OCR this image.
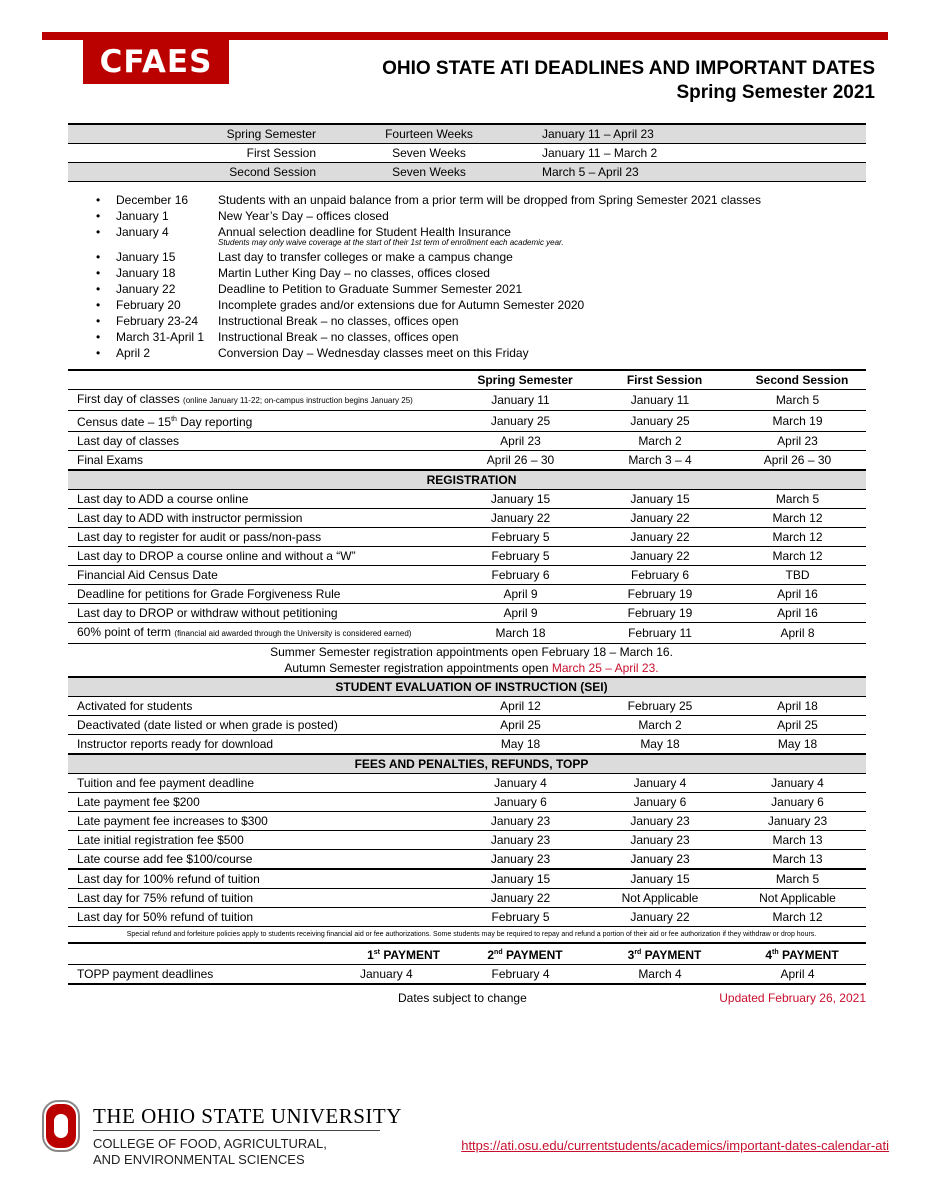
CFAES	OHIO STATE ATI DEADLINES AND IMPORTANT DATES
Spring Semester 2021
Spring Semester	Fourteen Weeks	January 11 – April 23
First Session	Seven Weeks	January 11 – March 2
Second Session	Seven Weeks	March 5 – April 23
• December 16 Students with an unpaid balance from a prior term will be dropped from Spring Semester 2021 classes
• January 1	New Year’s Day – offices closed
• January 4	Annual selection deadline for Student Health Insurance
Students may only waive coverage at the start of their 1st term of enrollment each academic year.
• January 15	Last day to transfer colleges or make a campus change
• January 18	Martin Luther King Day – no classes, offices closed
• January 22	Deadline to Petition to Graduate Summer Semester 2021
• February 20	Incomplete grades and/or extensions due for Autumn Semester 2020
• February 23-24 Instructional Break – no classes, offices open
• March 31-April 1 Instructional Break – no classes, offices open
• April 2	Conversion Day – Wednesday classes meet on this Friday
	Spring Semester	First Session	Second Session
First day of classes (online January 11-22; on-campus instruction begins January 25)	January 11	January 11	March 5
Census date – 15th Day reporting	January 25	January 25	March 19
Last day of classes	April 23	March 2	April 23
Final Exams	April 26 – 30	March 3 – 4	April 26 – 30
REGISTRATION			
Last day to ADD a course online	January 15	January 15	March 5
Last day to ADD with instructor permission	January 22	January 22	March 12
Last day to register for audit or pass/non-pass	February 5	January 22	March 12
Last day to DROP a course online and without a “W”	February 5	January 22	March 12
Financial Aid Census Date	February 6	February 6	TBD
Deadline for petitions for Grade Forgiveness Rule	April 9	February 19	April 16
Last day to DROP or withdraw without petitioning	April 9	February 19	April 16
60% point of term (financial aid awarded through the University is considered earned)	March 18	February 11	April 8
Summer Semester registration appointments open February 18 – March 16.			
Autumn Semester registration appointments open March 25 – April 23.			
STUDENT EVALUATION OF INSTRUCTION (SEI)			
Activated for students	April 12	February 25	April 18
Deactivated (date listed or when grade is posted)	April 25	March 2	April 25
Instructor reports ready for download	May 18	May 18	May 18
FEES AND PENALTIES, REFUNDS, TOPP			
Tuition and fee payment deadline	January 4	January 4	January 4
Late payment fee $200	January 6	January 6	January 6
Late payment fee increases to $300	January 23	January 23	January 23
Late initial registration fee $500	January 23	January 23	March 13
Late course add fee $100/course	January 23	January 23	March 13
Last day for 100% refund of tuition	January 15	January 15	March 5
Last day for 75% refund of tuition	January 22	Not Applicable	Not Applicable
Last day for 50% refund of tuition	February 5	January 22	March 12
Special refund and forfeiture policies apply to students receiving financial aid or fee authorizations. Some students may be required to repay and refund a portion of their aid or fee authorization if they withdraw or drop hours.			
1st PAYMENT	2nd PAYMENT	3rd PAYMENT	4th PAYMENT
TOPP payment deadlines January 4	February 4	March 4	April 4
Dates subject to change	Updated February 26, 2021
THE OHIO STATE UNIVERSITY
COLLEGE OF FOOD, AGRICULTURAL,
AND ENVIRONMENTAL SCIENCES
https://ati.osu.edu/currentstudents/academics/important-dates-calendar-ati
